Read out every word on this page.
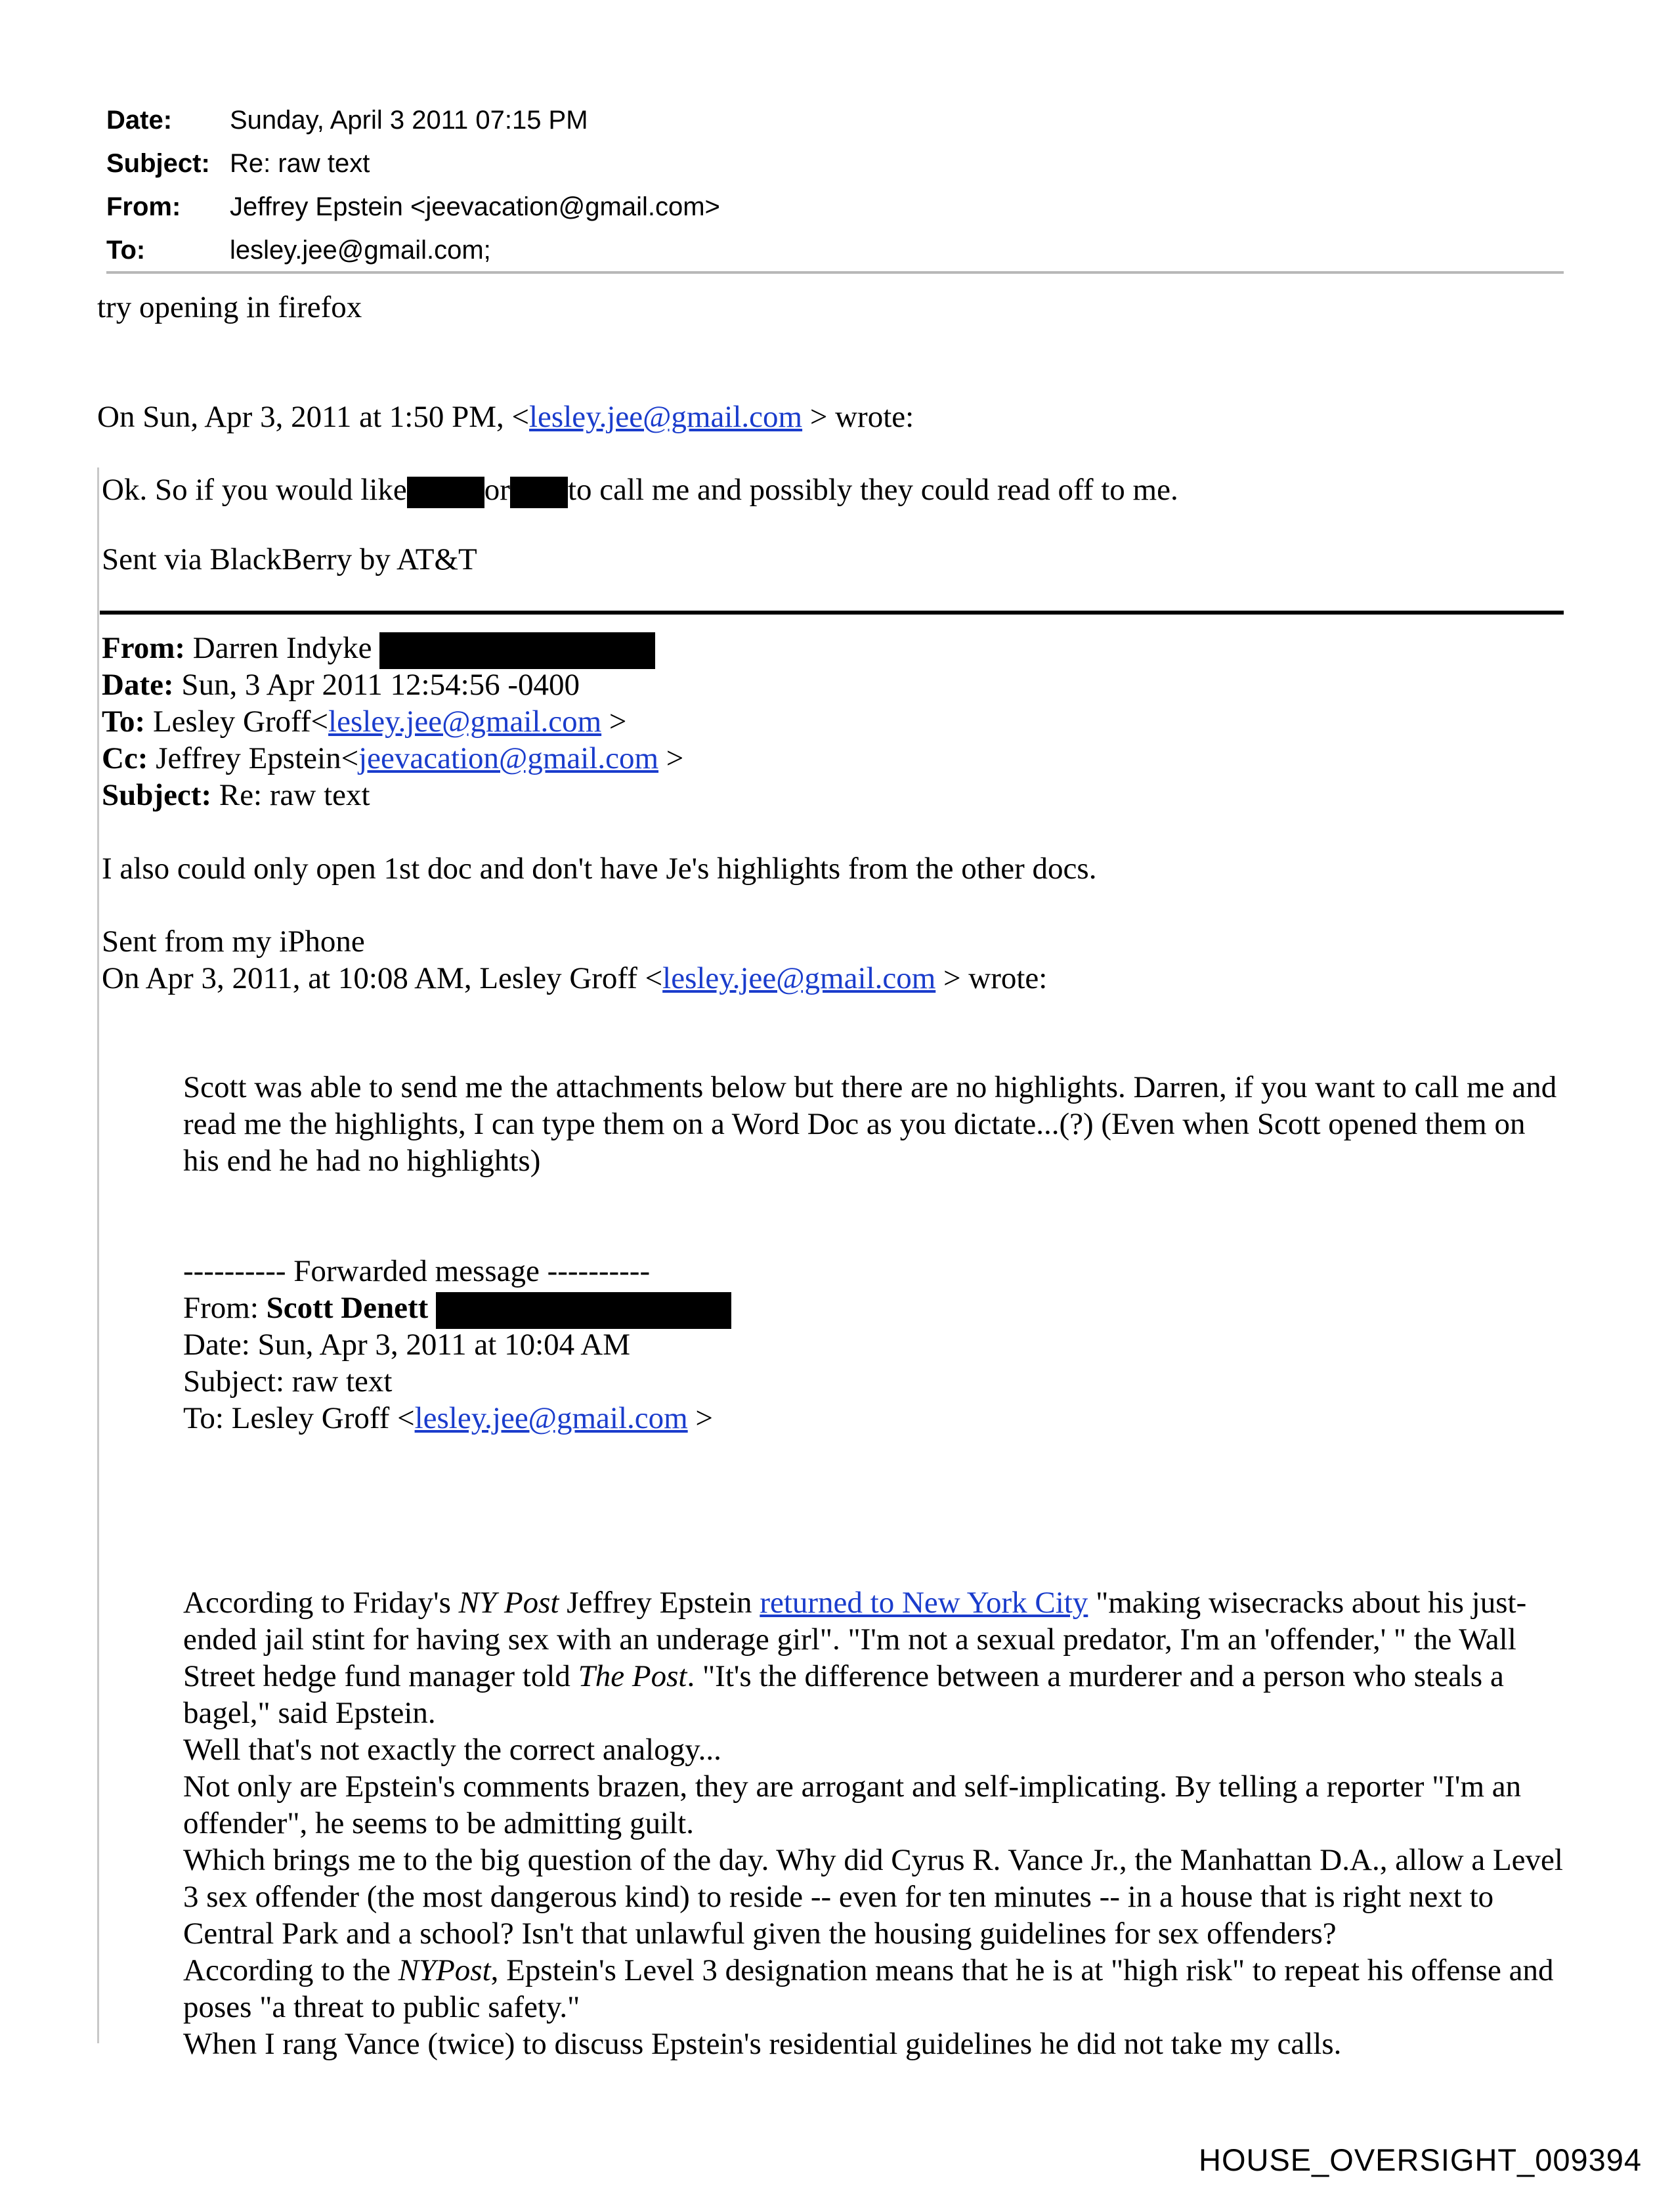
Date:	Sunday, April 3 2011 07:15 PM
Subject: Re: raw text
From:	Jeffrey Epstein <jeevacation@gmail.com>
To:	lesley.jee@gmail.com;
try opening in firefox
On Sun, Apr 3, 2011 at 1:50 PM, <lesley.jee@gmail.com > wrote:
Ok. So if you would like	or to call me and possibly they could read off to me.
Sent via BlackBerry by AT&T
From: Darren Indyke
Date: Sun, 3 Apr 2011 12:54:56 -0400
To: Lesley Groff<lesley.jee@gmail.com >
Cc: Jeffrey Epstein<jeevacation@gmail.com >
Subject: Re: raw text
I also could only open 1st doc and don't have Je's highlights from the other docs.
Sent from my iPhone
On Apr 3, 2011, at 10:08 AM, Lesley Groff <lesley.jee@gmail.com > wrote:
Scott was able to send me the attachments below but there are no highlights. Darren, if you want to call me and read me the highlights, I can type them on a Word Doc as you dictate...(?) (Even when Scott opened them on his end he had no highlights)
---------- Forwarded message ----------
From: Scott Denett
Date: Sun, Apr 3, 2011 at 10:04 AM
Subject: raw text
To: Lesley Groff <lesley.jee@gmail.com >
According to Friday's NY Post Jeffrey Epstein returned to New York City "making wisecracks about his just-ended jail stint for having sex with an underage girl". "I'm not a sexual predator, I'm an 'offender,' " the Wall Street hedge fund manager told The Post. "It's the difference between a murderer and a person who steals a bagel," said Epstein.
Well that's not exactly the correct analogy...
Not only are Epstein's comments brazen, they are arrogant and self-implicating. By telling a reporter "I'm an offender", he seems to be admitting guilt.
Which brings me to the big question of the day. Why did Cyrus R. Vance Jr., the Manhattan D.A., allow a Level 3 sex offender (the most dangerous kind) to reside -- even for ten minutes -- in a house that is right next to Central Park and a school? Isn't that unlawful given the housing guidelines for sex offenders?
According to the NYPost, Epstein's Level 3 designation means that he is at "high risk" to repeat his offense and poses "a threat to public safety."
When I rang Vance (twice) to discuss Epstein's residential guidelines he did not take my calls.
HOUSE_OVERSIGHT_009394
